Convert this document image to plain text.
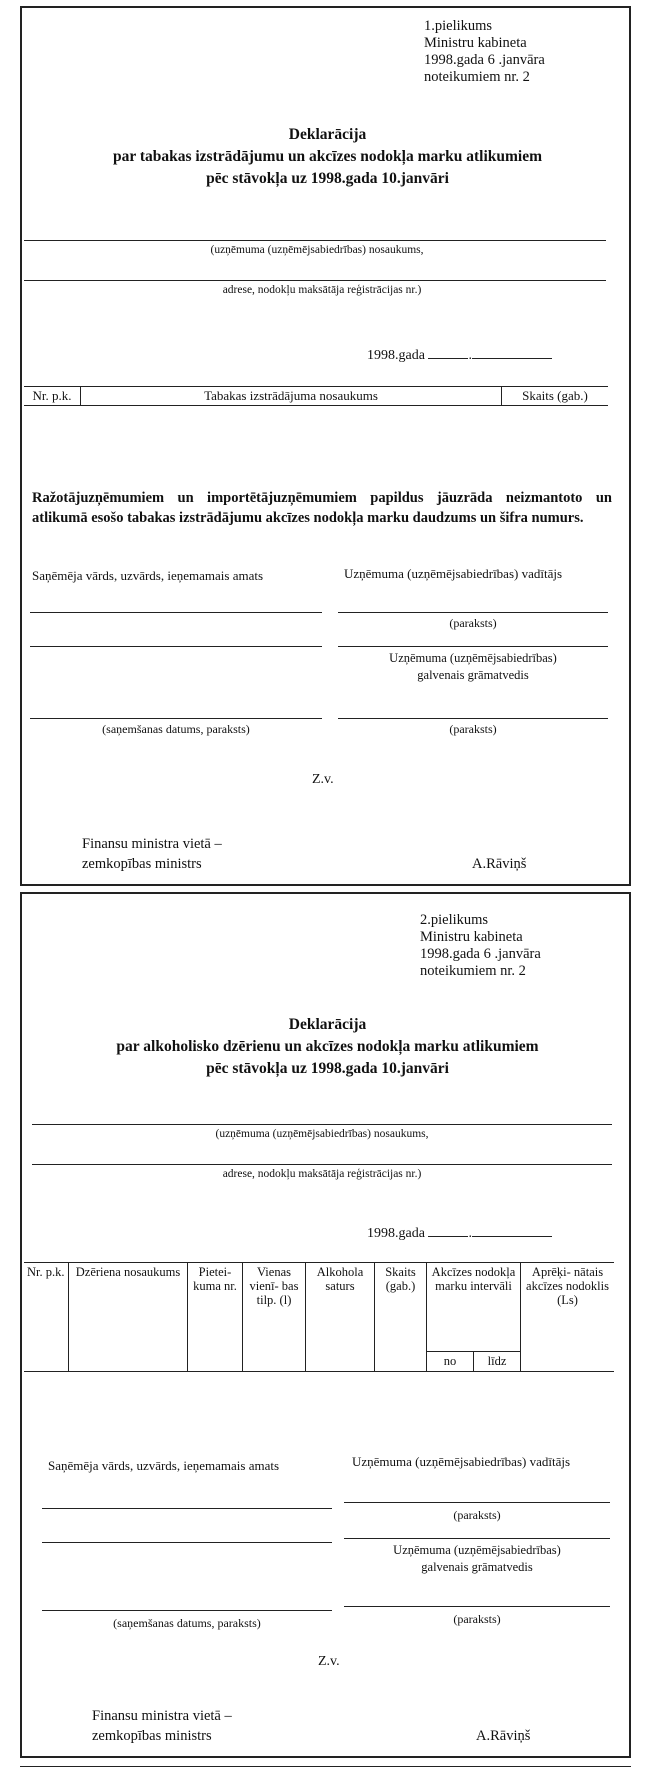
1.pielikums
Ministru kabineta
1998.gada 6 .janvāra
noteikumiem nr. 2
Deklarācija
par tabakas izstrādājumu un akcīzes nodokļa marku atlikumiem
pēc stāvokļa uz 1998.gada 10.janvāri
(uzņēmuma (uzņēmējsabiedrības) nosaukums,
adrese, nodokļu maksātāja reģistrācijas nr.)
1998.gada	.
Nr. p.k.	Tabakas izstrādājuma nosaukums	Skaits (gab.)
Ražotājuzņēmumiem un importētājuzņēmumiem papildus jāuzrāda neizmantoto un atlikumā esošo tabakas izstrādājumu akcīzes nodokļa marku daudzums un šifra numurs.
Saņēmēja vārds, uzvārds, ieņemamais amats	Uzņēmuma (uzņēmējsabiedrības) vadītājs
(paraksts)
Uzņēmuma (uzņēmējsabiedrības)
galvenais grāmatvedis
(saņemšanas datums, paraksts)	(paraksts)
Z.v.
Finansu ministra vietā –
zemkopības ministrs	A.Rāviņš
2.pielikums
Ministru kabineta
1998.gada 6 .janvāra
noteikumiem nr. 2
Deklarācija
par alkoholisko dzērienu un akcīzes nodokļa marku atlikumiem
pēc stāvokļa uz 1998.gada 10.janvāri
(uzņēmuma (uzņēmējsabiedrības) nosaukums,
adrese, nodokļu maksātāja reģistrācijas nr.)
1998.gada	.
Nr. p.k.	Dzēriena nosaukums	Pietei- kuma nr.	Vienas vienī- bas tilp. (l)	Alkohola saturs	Skaits (gab.)	Akcīzes nodokļa marku intervāli		Aprēķi- nātais akcīzes nodoklis (Ls)
						no	līdz	
Saņēmēja vārds, uzvārds, ieņemamais amats	Uzņēmuma (uzņēmējsabiedrības) vadītājs
(paraksts)
Uzņēmuma (uzņēmējsabiedrības)
galvenais grāmatvedis
(saņemšanas datums, paraksts)	(paraksts)
Z.v.
Finansu ministra vietā –
zemkopības ministrs	A.Rāviņš
